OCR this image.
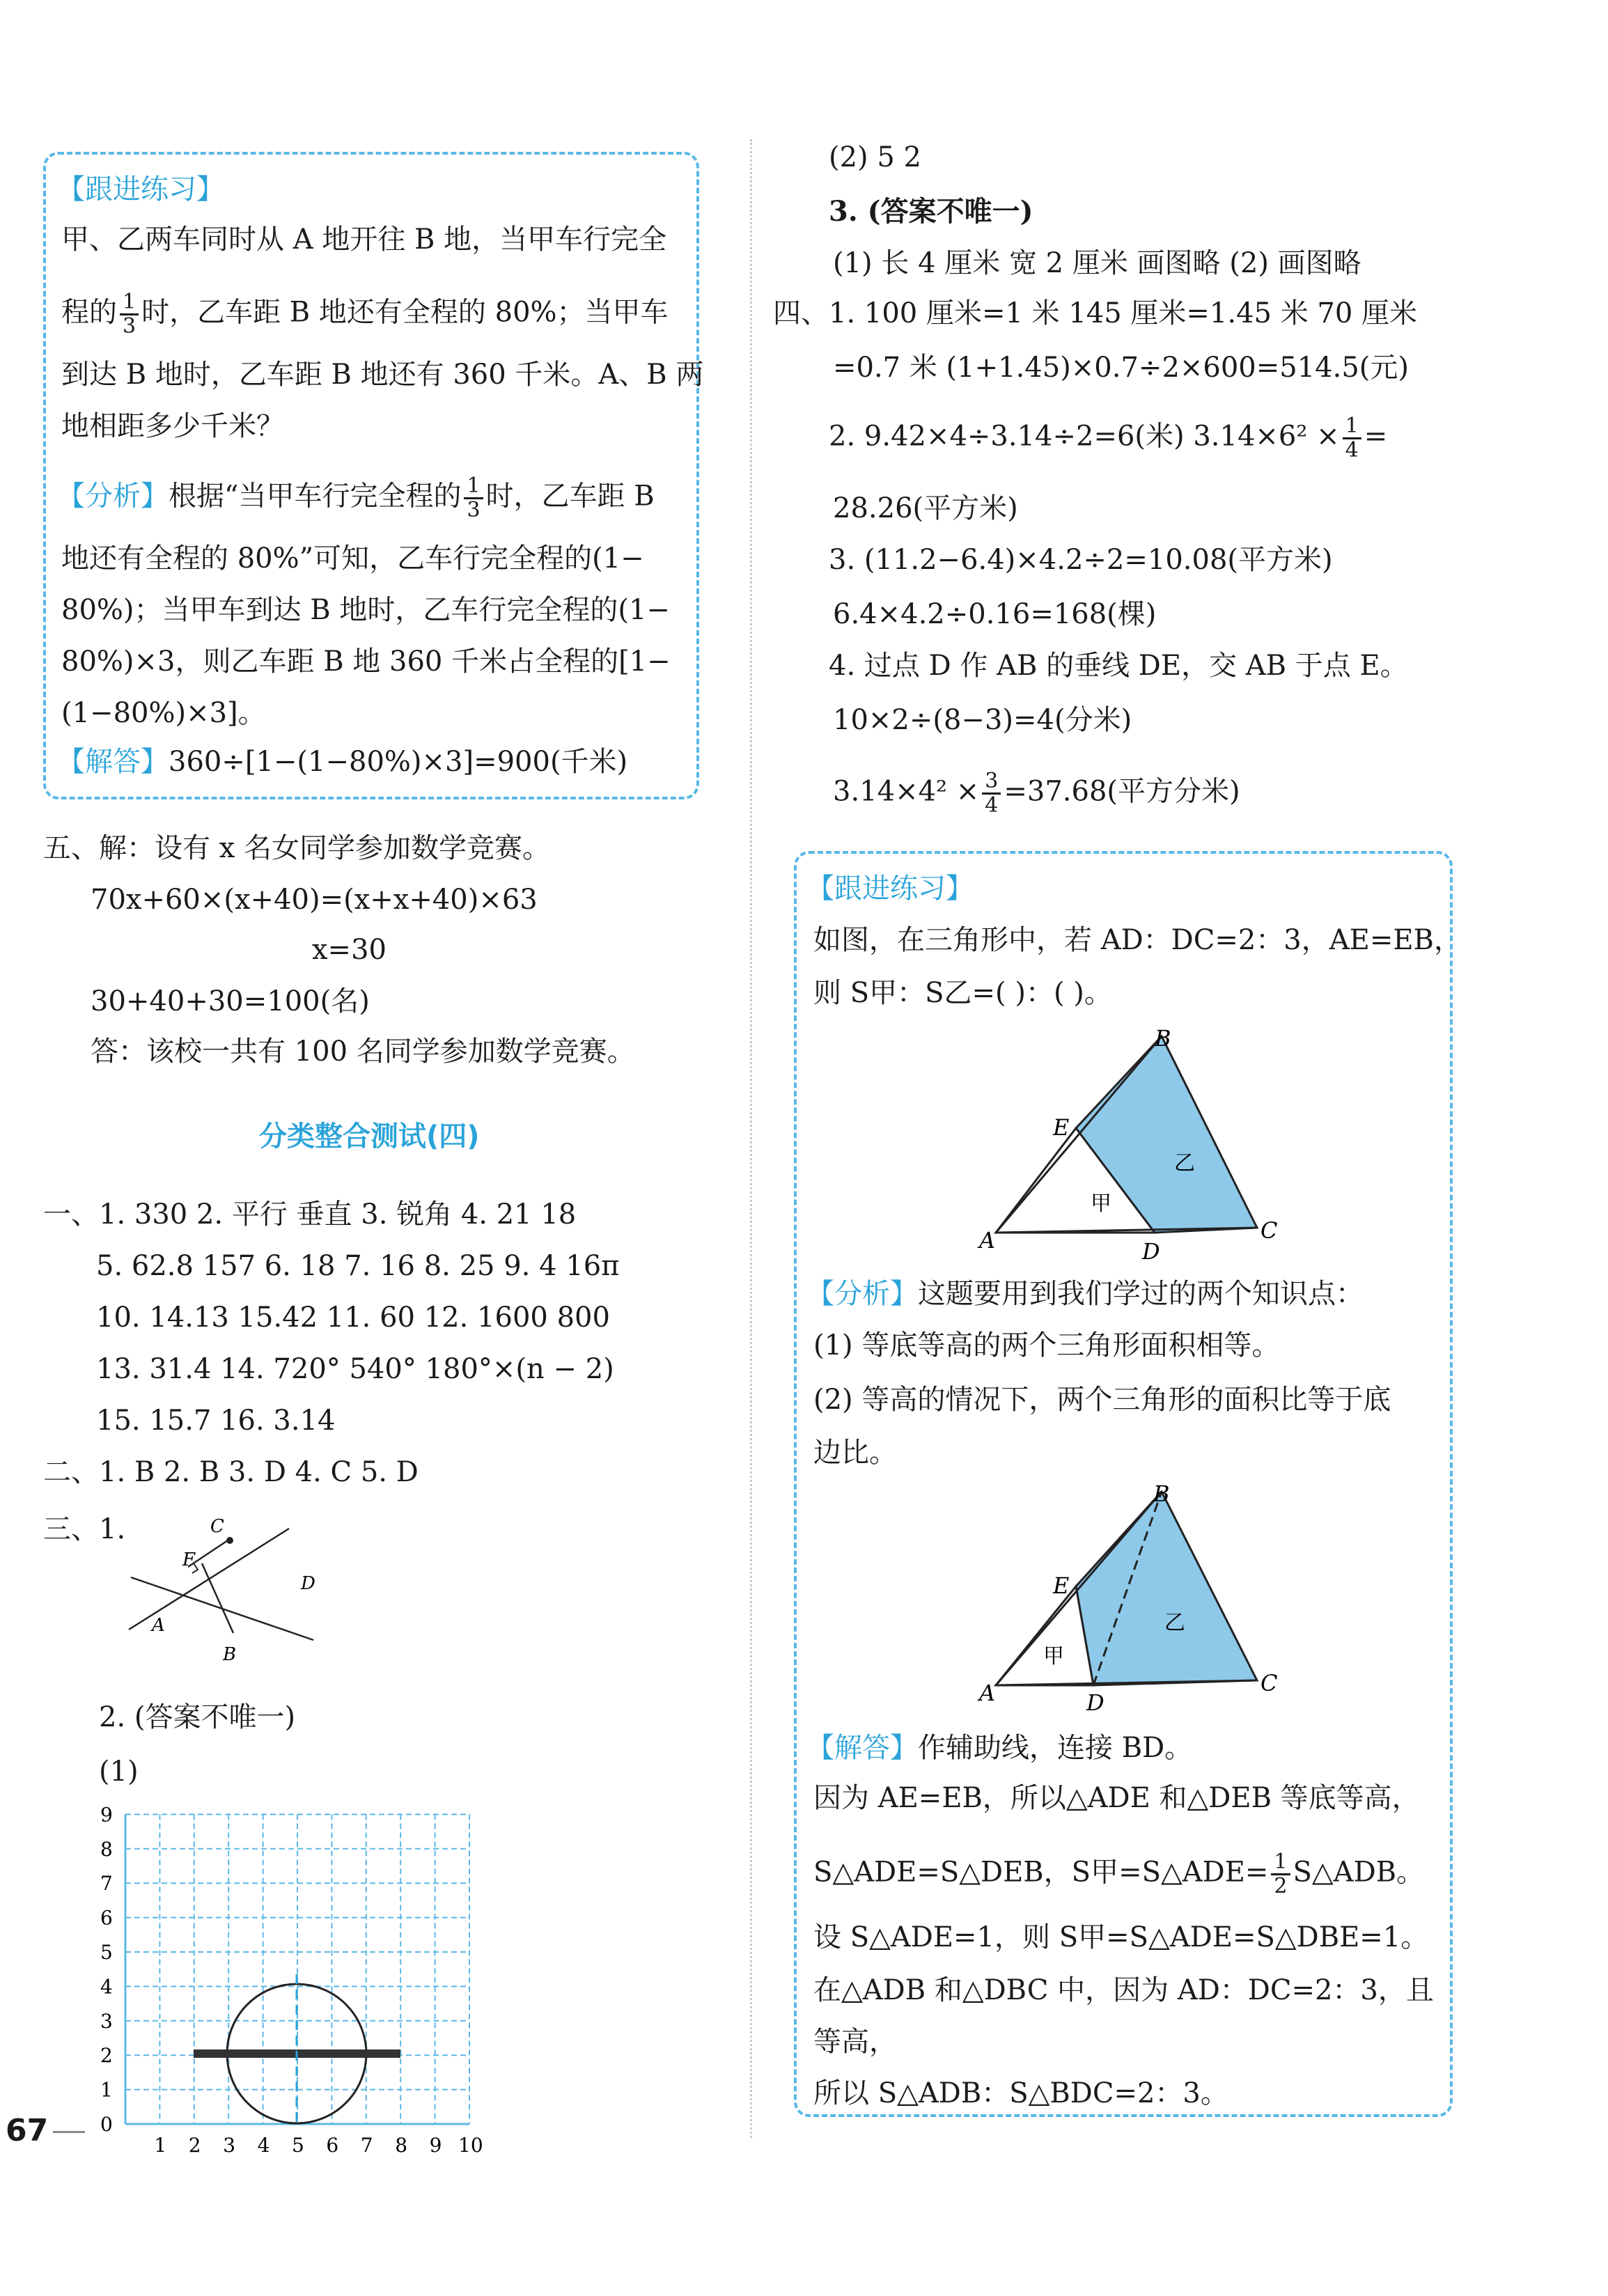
【跟进练习】
甲、乙两车同时从 A 地开往 B 地，当甲车行完全
程的 $\frac{1}{3}$ 时，乙车距 B 地还有全程的 80%；当甲车
到达 B 地时，乙车距 B 地还有 360 千米。A、B 两
地相距多少千米？
【分析】根据“当甲车行完全程的 $\frac{1}{3}$ 时，乙车距 B
地还有全程的 80%”可知，乙车行完全程的(1−
80%)；当甲车到达 B 地时，乙车行完全程的(1−
80%)×3，则乙车距 B 地 360 千米占全程的[1−
(1−80%)×3]。
【解答】360÷[1−(1−80%)×3]=900(千米)
五、解：设有 x 名女同学参加数学竞赛。
70x+60×(x+40)=(x+x+40)×63
x=30
30+40+30=100(名)
答：该校一共有 100 名同学参加数学竞赛。
分类整合测试(四)
一、1. 330 2. 平行 垂直 3. 锐角 4. 21 18
5. 62.8 157 6. 18 7. 16 8. 25 9. 4 16π
10. 14.13 15.42 11. 60 12. 1600 800
13. 31.4 14. 720° 540° 180°×(n − 2)
15. 15.7 16. 3.14
二、1. B 2. B 3. D 4. C 5. D
三、1.	C
F
D
A
B
2. (答案不唯一)
(1)
0
1
2
3
4
5
6
7
8
9
1 2 3 4 5 6 7 8 9 10
67
(2) 5 2
3. (答案不唯一)
(1) 长 4 厘米 宽 2 厘米 画图略 (2) 画图略
四、1. 100 厘米=1 米 145 厘米=1.45 米 70 厘米
=0.7 米 (1+1.45)×0.7÷2×600=514.5(元)
2. 9.42×4÷3.14÷2=6(米) $3.14\times 6^2 \times \frac{1}{4}$ =
28.26(平方米)
3. (11.2−6.4)×4.2÷2=10.08(平方米)
6.4×4.2÷0.16=168(棵)
4. 过点 D 作 AB 的垂线 DE，交 AB 于点 E。
10×2÷(8−3)=4(分米)
$3.14\times 4^2 \times \frac{3}{4} =37.68$(平方分米)
【跟进练习】
如图，在三角形中，若 AD：DC=2：3，AE=EB，
则 S甲：S乙=( )：( )。
B
E
A	C
甲
D
乙
【分析】这题要用到我们学过的两个知识点：
(1) 等底等高的两个三角形面积相等。
(2) 等高的情况下，两个三角形的面积比等于底
边比。
B
E
A	C
甲
D
乙
【解答】作辅助线，连接 BD。
因为 AE=EB，所以△ADE 和△DEB 等底等高，
S△ADE=S△DEB，S甲=S△ADE= $\frac{1}{2}$ S△ADB。
设 S△ADE=1，则 S甲=S△ADE=S△DBE=1。
在△ADB 和△DBC 中，因为 AD：DC=2：3，且
等高，
所以 S△ADB：S△BDC=2：3。
